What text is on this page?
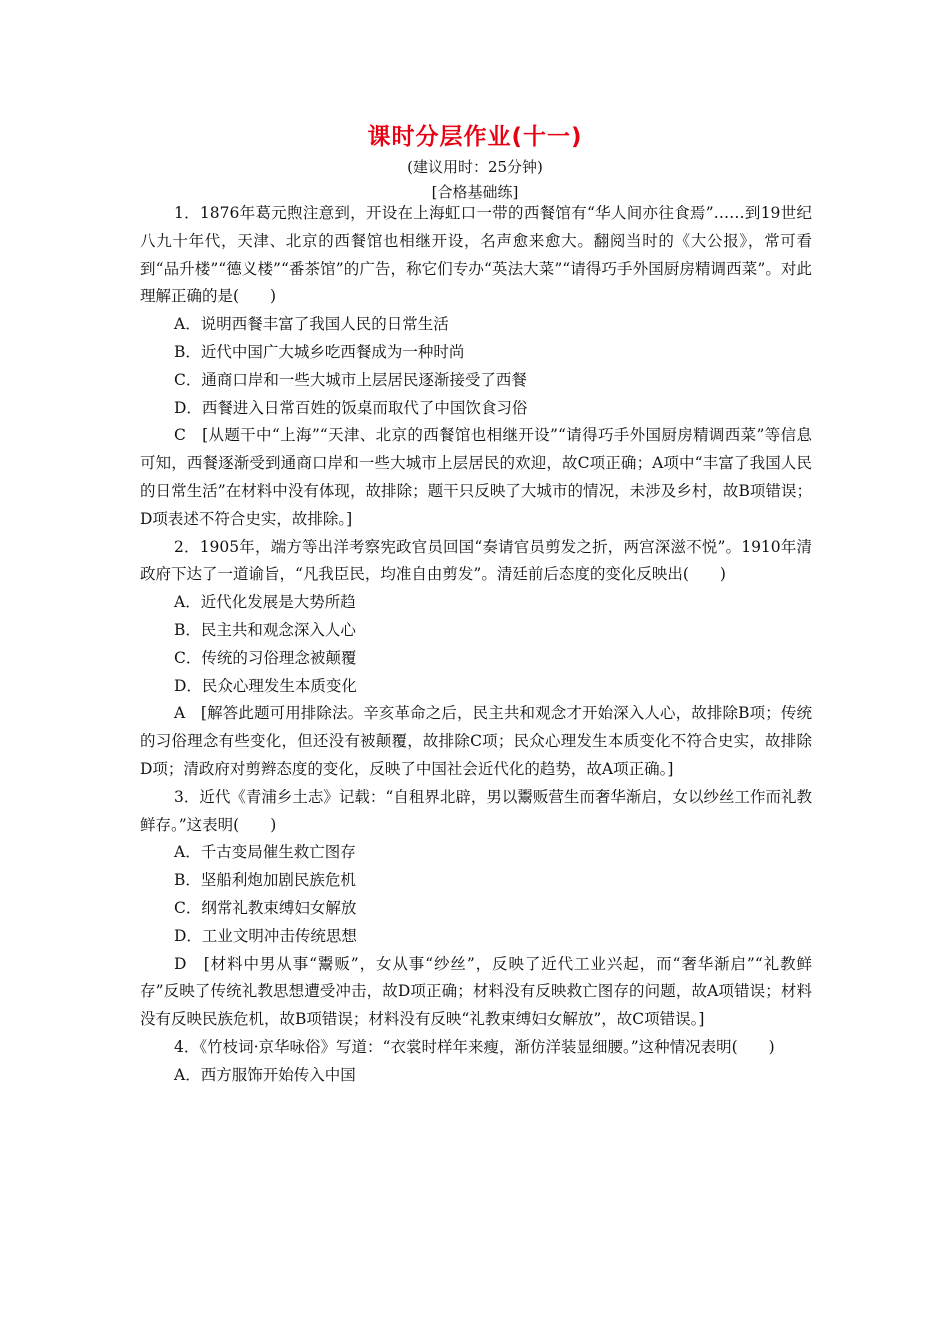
课时分层作业(十一)
(建议用时：25分钟)
[合格基础练]

1．1876年葛元煦注意到，开设在上海虹口一带的西餐馆有“华人间亦往食焉”……到19世纪八九十年代，天津、北京的西餐馆也相继开设，名声愈来愈大。翻阅当时的《大公报》，常可看到“品升楼”“德义楼”“番茶馆”的广告，称它们专办“英法大菜”“请得巧手外国厨房精调西菜”。对此理解正确的是(　　)

A．说明西餐丰富了我国人民的日常生活

B．近代中国广大城乡吃西餐成为一种时尚

C．通商口岸和一些大城市上层居民逐渐接受了西餐

D．西餐进入日常百姓的饭桌而取代了中国饮食习俗

C　[从题干中“上海”“天津、北京的西餐馆也相继开设”“请得巧手外国厨房精调西菜”等信息可知，西餐逐渐受到通商口岸和一些大城市上层居民的欢迎，故C项正确；A项中“丰富了我国人民的日常生活”在材料中没有体现，故排除；题干只反映了大城市的情况，未涉及乡村，故B项错误；D项表述不符合史实，故排除。]

2．1905年，端方等出洋考察宪政官员回国“奏请官员剪发之折，两宫深滋不悦”。1910年清政府下达了一道谕旨，“凡我臣民，均准自由剪发”。清廷前后态度的变化反映出(　　)

A．近代化发展是大势所趋

B．民主共和观念深入人心

C．传统的习俗理念被颠覆

D．民众心理发生本质变化

A　[解答此题可用排除法。辛亥革命之后，民主共和观念才开始深入人心，故排除B项；传统的习俗理念有些变化，但还没有被颠覆，故排除C项；民众心理发生本质变化不符合史实，故排除D项；清政府对剪辫态度的变化，反映了中国社会近代化的趋势，故A项正确。]

3．近代《青浦乡土志》记载：“自租界北辟，男以鬻贩营生而奢华渐启，女以纱丝工作而礼教鲜存。”这表明(　　)

A．千古变局催生救亡图存

B．坚船利炮加剧民族危机

C．纲常礼教束缚妇女解放

D．工业文明冲击传统思想

D　[材料中男从事“鬻贩”，女从事“纱丝”，反映了近代工业兴起，而“奢华渐启”“礼教鲜存”反映了传统礼教思想遭受冲击，故D项正确；材料没有反映救亡图存的问题，故A项错误；材料没有反映民族危机，故B项错误；材料没有反映“礼教束缚妇女解放”，故C项错误。]

4．《竹枝词·京华咏俗》写道：“衣裳时样年来瘦，渐仿洋装显细腰。”这种情况表明(　　)

A．西方服饰开始传入中国
